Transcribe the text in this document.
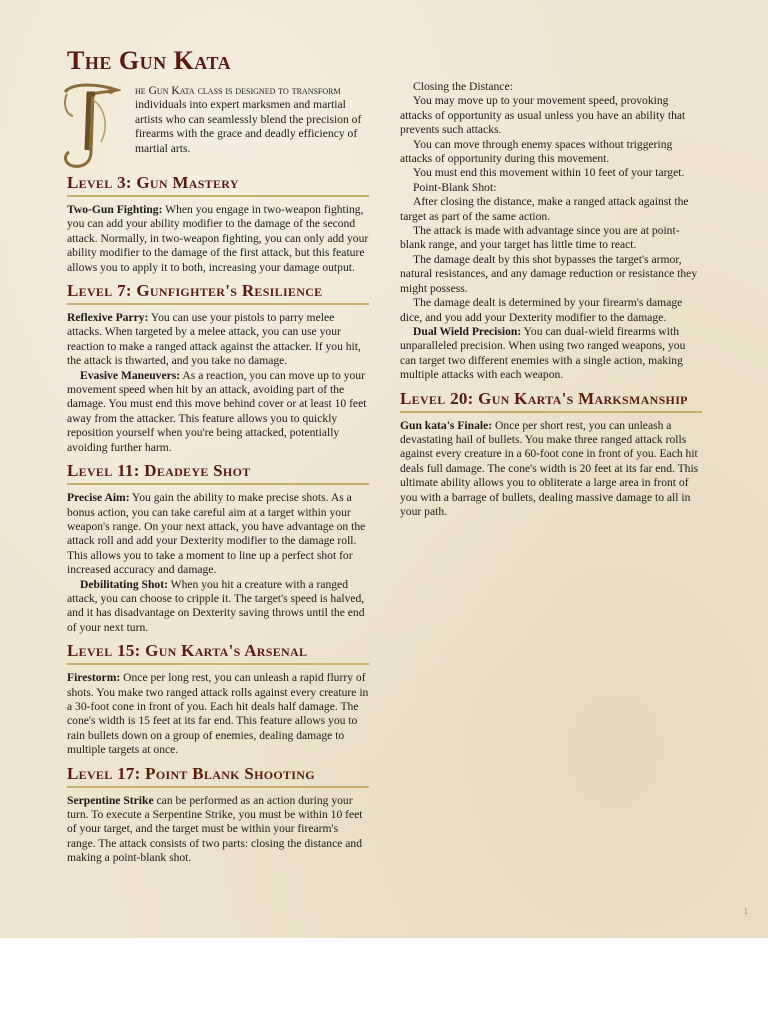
The Gun Kata
he Gun Kata class is designed to transform individuals into expert marksmen and martial artists who can seamlessly blend the precision of firearms with the grace and deadly efficiency of martial arts.
Level 3: Gun Mastery

Two-Gun Fighting: When you engage in two-weapon fighting, you can add your ability modifier to the damage of the second attack. Normally, in two-weapon fighting, you can only add your ability modifier to the damage of the first attack, but this feature allows you to apply it to both, increasing your damage output.

Level 7: Gunfighter's Resilience

Reflexive Parry: You can use your pistols to parry melee attacks. When targeted by a melee attack, you can use your reaction to make a ranged attack against the attacker. If you hit, the attack is thwarted, and you take no damage.

Evasive Maneuvers: As a reaction, you can move up to your movement speed when hit by an attack, avoiding part of the damage. You must end this move behind cover or at least 10 feet away from the attacker. This feature allows you to quickly reposition yourself when you're being attacked, potentially avoiding further harm.

Level 11: Deadeye Shot

Precise Aim: You gain the ability to make precise shots. As a bonus action, you can take careful aim at a target within your weapon's range. On your next attack, you have advantage on the attack roll and add your Dexterity modifier to the damage roll. This allows you to take a moment to line up a perfect shot for increased accuracy and damage.

Debilitating Shot: When you hit a creature with a ranged attack, you can choose to cripple it. The target's speed is halved, and it has disadvantage on Dexterity saving throws until the end of your next turn.

Level 15: Gun Karta's Arsenal

Firestorm: Once per long rest, you can unleash a rapid flurry of shots. You make two ranged attack rolls against every creature in a 30-foot cone in front of you. Each hit deals half damage. The cone's width is 15 feet at its far end. This feature allows you to rain bullets down on a group of enemies, dealing damage to multiple targets at once.

Level 17: Point Blank Shooting

Serpentine Strike can be performed as an action during your turn. To execute a Serpentine Strike, you must be within 10 feet of your target, and the target must be within your firearm's range. The attack consists of two parts: closing the distance and making a point-blank shot.

Closing the Distance:

You may move up to your movement speed, provoking attacks of opportunity as usual unless you have an ability that prevents such attacks.

You can move through enemy spaces without triggering attacks of opportunity during this movement.

You must end this movement within 10 feet of your target.

Point-Blank Shot:

After closing the distance, make a ranged attack against the target as part of the same action.

The attack is made with advantage since you are at point-blank range, and your target has little time to react.

The damage dealt by this shot bypasses the target's armor, natural resistances, and any damage reduction or resistance they might possess.

The damage dealt is determined by your firearm's damage dice, and you add your Dexterity modifier to the damage.

Dual Wield Precision: You can dual-wield firearms with unparalleled precision. When using two ranged weapons, you can target two different enemies with a single action, making multiple attacks with each weapon.

Level 20: Gun Karta's Marksmanship

Gun kata's Finale: Once per short rest, you can unleash a devastating hail of bullets. You make three ranged attack rolls against every creature in a 60-foot cone in front of you. Each hit deals full damage. The cone's width is 20 feet at its far end. This ultimate ability allows you to obliterate a large area in front of you with a barrage of bullets, dealing massive damage to all in your path.

1
